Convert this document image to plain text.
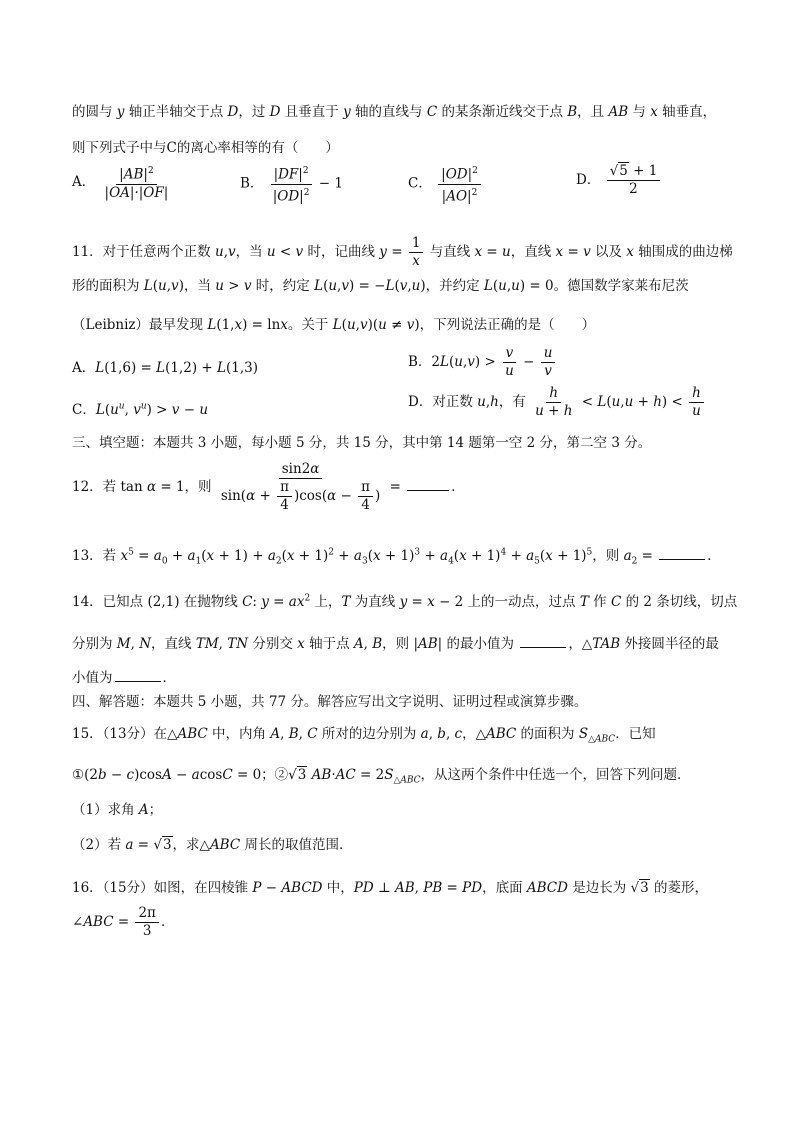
的圆与 y 轴正半轴交于点 D，过 D 且垂直于 y 轴的直线与 C 的某条渐近线交于点 B，且 AB 与 x 轴垂直，
则下列式子中与C的离心率相等的有（　　）
A． $\frac{|AB|^2}{|OA|\cdot|OF|}$	B． $\frac{|DF|^2}{|OD|^2} - 1$	C． $\frac{|OD|^2}{|AO|^2}$	D． $\frac{√5 + 1}{2}$
11．对于任意两个正数 u,v，当 u < v 时，记曲线 $y = \frac{1}{x}$ 与直线 x = u，直线 x = v 以及 x 轴围成的曲边梯
形的面积为 L(u,v)，当 u > v 时，约定 L(u,v) = −L(v,u)，并约定 L(u,u) = 0。德国数学家莱布尼茨
（Leibniz）最早发现 L(1,x) = lnx。关于 L(u,v)(u ≠ v)，下列说法正确的是（　　）
A．L(1,6) = L(1,2) + L(1,3)	B．$2L(u,v) > \frac{v}{u} - \frac{u}{v}$
C．$L(u^u$, $v^u) > v - u$	D．对正数 u,h，有 $\frac{h}{u + h} < L(u,u + h) < \frac{h}{u}$
三、填空题：本题共 3 小题，每小题 5 分，共 15 分，其中第 14 题第一空 2 分，第二空 3 分。
12．若 tan α = 1，则 $\frac{\sin 2\alpha}{\sin(\alpha + \frac{\pi}{4} )\cos(\alpha - \frac{\pi}{4} )}$ =	．
13．若 $x^5 = a_0 + a_1(x + 1) + a_2(x + 1)^2 + a_3(x + 1)^3 + a_4(x + 1)^4 + a_5(x + 1)^5$，则 $a_2$ =	．
14．已知点 (2,1) 在抛物线 C: $y = ax^2$ 上，T 为直线 y = x − 2 上的一动点，过点 T 作 C 的 2 条切线，切点
分别为 M, N，直线 TM, TN 分别交 x 轴于点 A, B，则 |AB| 的最小值为	，△TAB 外接圆半径的最
小值为	．
四、解答题：本题共 5 小题，共 77 分。解答应写出文字说明、证明过程或演算步骤。
15．（13分）在△ABC 中，内角 A, B, C 所对的边分别为 a, b, c，△ABC 的面积为 $S_{\triangle ABC}$．已知
①(2b − c)cosA − acosC = 0；②√3 $AB\cdot AC = 2S_{\triangle ABC}$，从这两个条件中任选一个，回答下列问题．
（1）求角 A；
（2）若 a = √3，求△ABC 周长的取值范围．
16．（15分）如图，在四棱锥 P − ABCD 中，PD ⊥ AB, PB = PD，底面 ABCD 是边长为 √3 的菱形，
∠ABC = $\frac{2\pi}{3}$ ．
